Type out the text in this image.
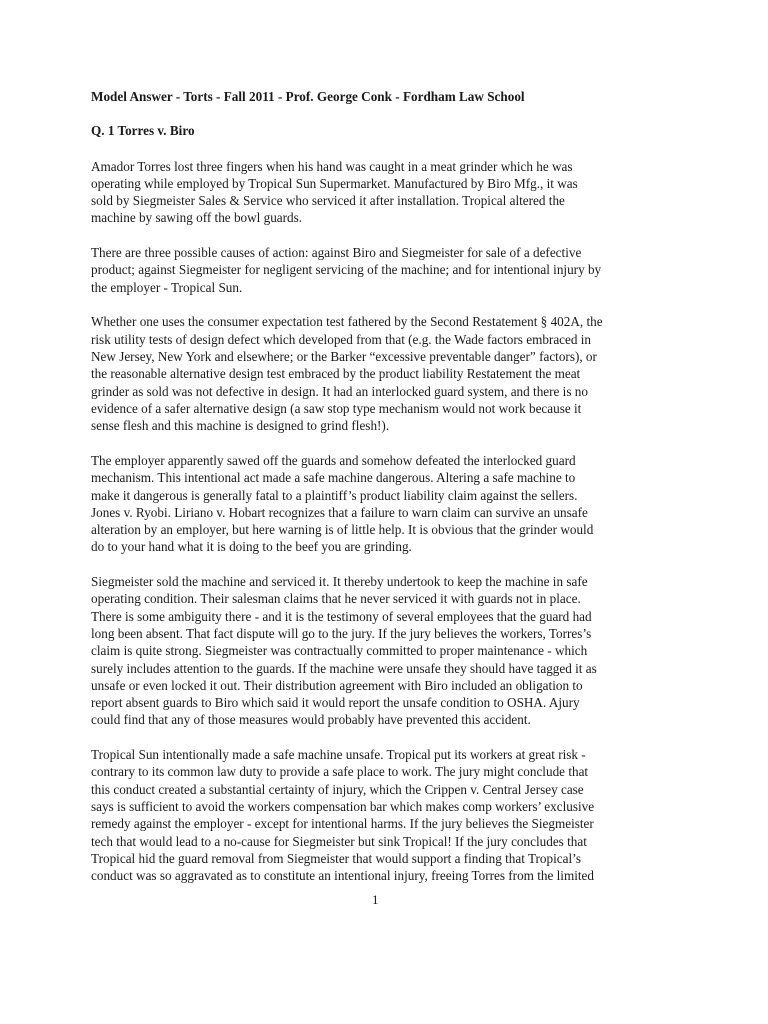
Model Answer - Torts - Fall 2011 - Prof. George Conk - Fordham Law School

Q. 1 Torres v. Biro

Amador Torres lost three fingers when his hand was caught in a meat grinder which he was
operating while employed by Tropical Sun Supermarket. Manufactured by Biro Mfg., it was
sold by Siegmeister Sales & Service who serviced it after installation. Tropical altered the
machine by sawing off the bowl guards.

There are three possible causes of action: against Biro and Siegmeister for sale of a defective
product; against Siegmeister for negligent servicing of the machine; and for intentional injury by
the employer - Tropical Sun.

Whether one uses the consumer expectation test fathered by the Second Restatement § 402A, the
risk utility tests of design defect which developed from that (e.g. the Wade factors embraced in
New Jersey, New York and elsewhere; or the Barker “excessive preventable danger” factors), or
the reasonable alternative design test embraced by the product liability Restatement the meat
grinder as sold was not defective in design. It had an interlocked guard system, and there is no
evidence of a safer alternative design (a saw stop type mechanism would not work because it
sense flesh and this machine is designed to grind flesh!).

The employer apparently sawed off the guards and somehow defeated the interlocked guard
mechanism. This intentional act made a safe machine dangerous. Altering a safe machine to
make it dangerous is generally fatal to a plaintiff’s product liability claim against the sellers.
Jones v. Ryobi. Liriano v. Hobart recognizes that a failure to warn claim can survive an unsafe
alteration by an employer, but here warning is of little help. It is obvious that the grinder would
do to your hand what it is doing to the beef you are grinding.

Siegmeister sold the machine and serviced it. It thereby undertook to keep the machine in safe
operating condition. Their salesman claims that he never serviced it with guards not in place.
There is some ambiguity there - and it is the testimony of several employees that the guard had
long been absent. That fact dispute will go to the jury. If the jury believes the workers, Torres’s
claim is quite strong. Siegmeister was contractually committed to proper maintenance - which
surely includes attention to the guards. If the machine were unsafe they should have tagged it as
unsafe or even locked it out. Their distribution agreement with Biro included an obligation to
report absent guards to Biro which said it would report the unsafe condition to OSHA. Ajury
could find that any of those measures would probably have prevented this accident.

Tropical Sun intentionally made a safe machine unsafe. Tropical put its workers at great risk -
contrary to its common law duty to provide a safe place to work. The jury might conclude that
this conduct created a substantial certainty of injury, which the Crippen v. Central Jersey case
says is sufficient to avoid the workers compensation bar which makes comp workers’ exclusive
remedy against the employer - except for intentional harms. If the jury believes the Siegmeister
tech that would lead to a no-cause for Siegmeister but sink Tropical! If the jury concludes that
Tropical hid the guard removal from Siegmeister that would support a finding that Tropical’s
conduct was so aggravated as to constitute an intentional injury, freeing Torres from the limited

1
